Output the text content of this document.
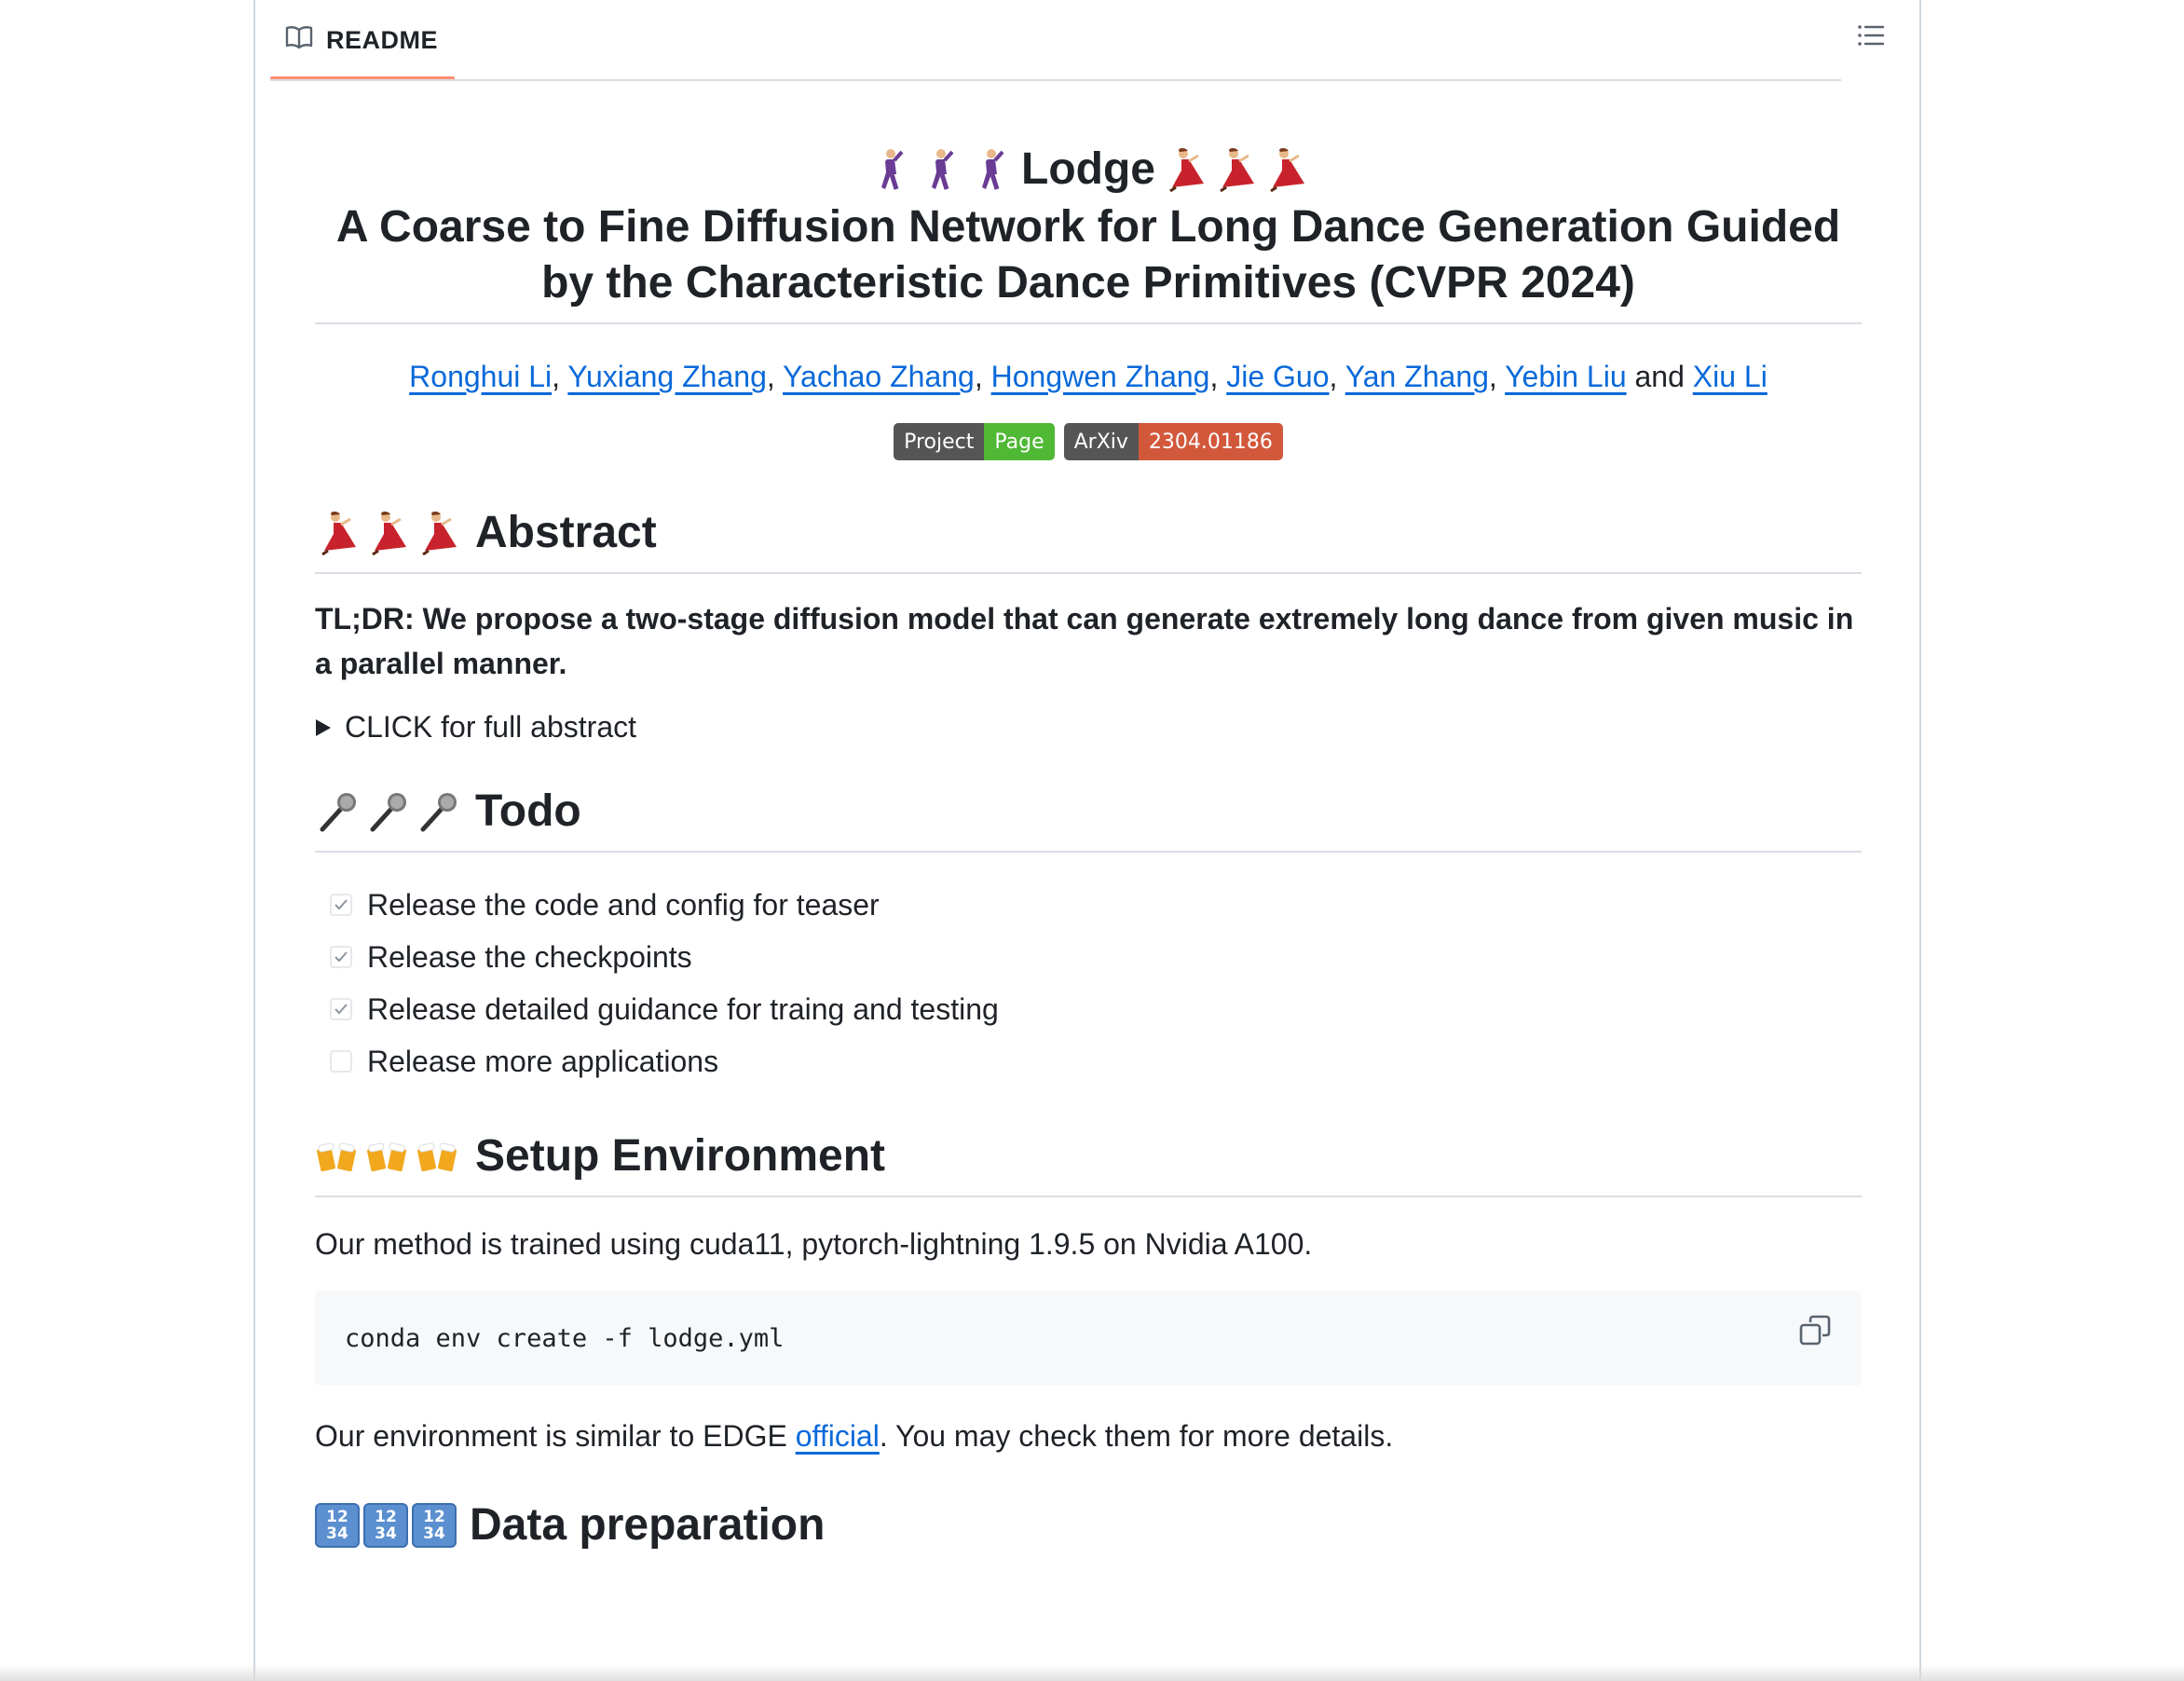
README
Lodge
A Coarse to Fine Diffusion Network for Long Dance Generation Guided by the Characteristic Dance Primitives (CVPR 2024)
Ronghui Li, Yuxiang Zhang, Yachao Zhang, Hongwen Zhang, Jie Guo, Yan Zhang, Yebin Liu and Xiu Li
Project	Page	ArXiv	2304.01186
Abstract
TL;DR: We propose a two-stage diffusion model that can generate extremely long dance from given music in a parallel manner.
CLICK for full abstract
Todo
Release the code and config for teaser
Release the checkpoints
Release detailed guidance for traing and testing
Release more applications
Setup Environment
Our method is trained using cuda11, pytorch-lightning 1.9.5 on Nvidia A100.
conda env create -f lodge.yml
Our environment is similar to EDGE official. You may check them for more details.
1234
1234
1234 Data preparation
